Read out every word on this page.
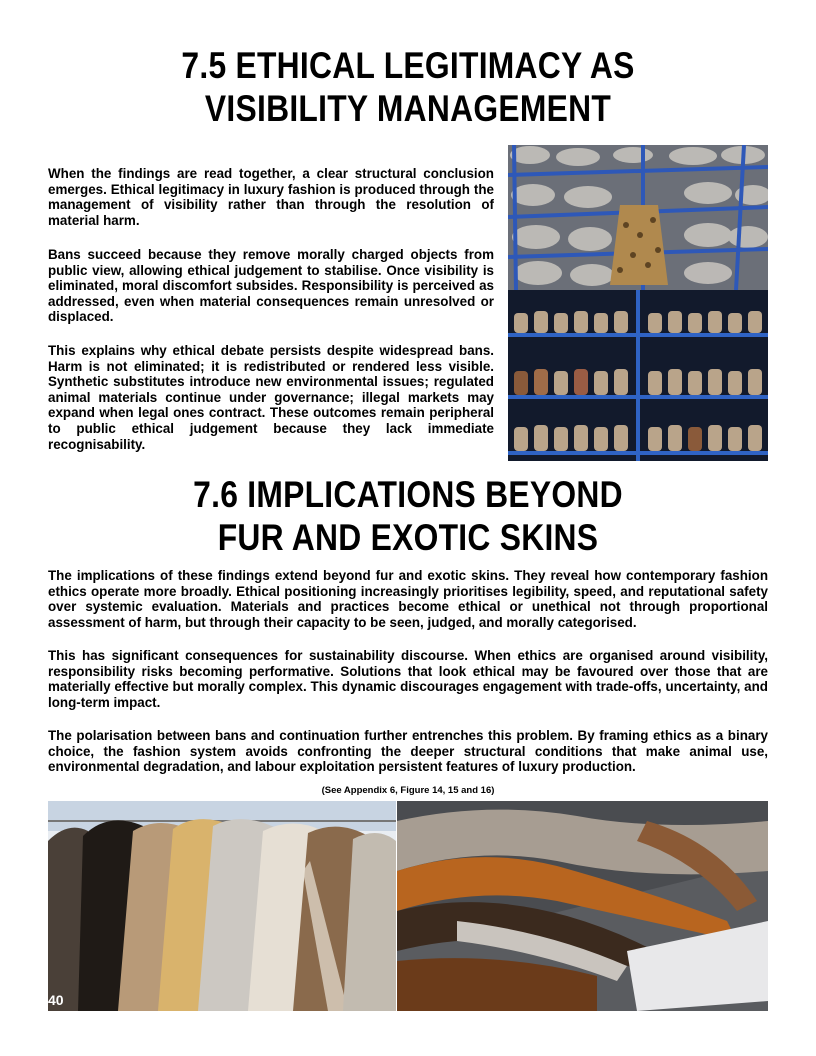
7.5 ETHICAL LEGITIMACY AS
VISIBILITY MANAGEMENT

When the findings are read together, a clear structural conclusion emerges. Ethical legitimacy in luxury fashion is produced through the management of visibility rather than through the resolution of material harm.

Bans succeed because they remove morally charged objects from public view, allowing ethical judgement to stabilise. Once visibility is eliminated, moral discomfort subsides. Responsibility is perceived as addressed, even when material consequences remain unresolved or displaced.

This explains why ethical debate persists despite widespread bans. Harm is not eliminated; it is redistributed or rendered less visible. Synthetic substitutes introduce new environmental issues; regulated animal materials continue under governance; illegal markets may expand when legal ones contract. These outcomes remain peripheral to public ethical judgement because they lack immediate recognisability.

7.6 IMPLICATIONS BEYOND
FUR AND EXOTIC SKINS

The implications of these findings extend beyond fur and exotic skins. They reveal how contemporary fashion ethics operate more broadly. Ethical positioning increasingly prioritises legibility, speed, and reputational safety over systemic evaluation. Materials and practices become ethical or unethical not through proportional assessment of harm, but through their capacity to be seen, judged, and morally categorised.

This has significant consequences for sustainability discourse. When ethics are organised around visibility, responsibility risks becoming performative. Solutions that look ethical may be favoured over those that are materially effective but morally complex. This dynamic discourages engagement with trade-offs, uncertainty, and long-term impact.

The polarisation between bans and continuation further entrenches this problem. By framing ethics as a binary choice, the fashion system avoids confronting the deeper structural conditions that make animal use, environmental degradation, and labour exploitation persistent features of luxury production.

(See Appendix 6, Figure 14, 15 and 16)
40
